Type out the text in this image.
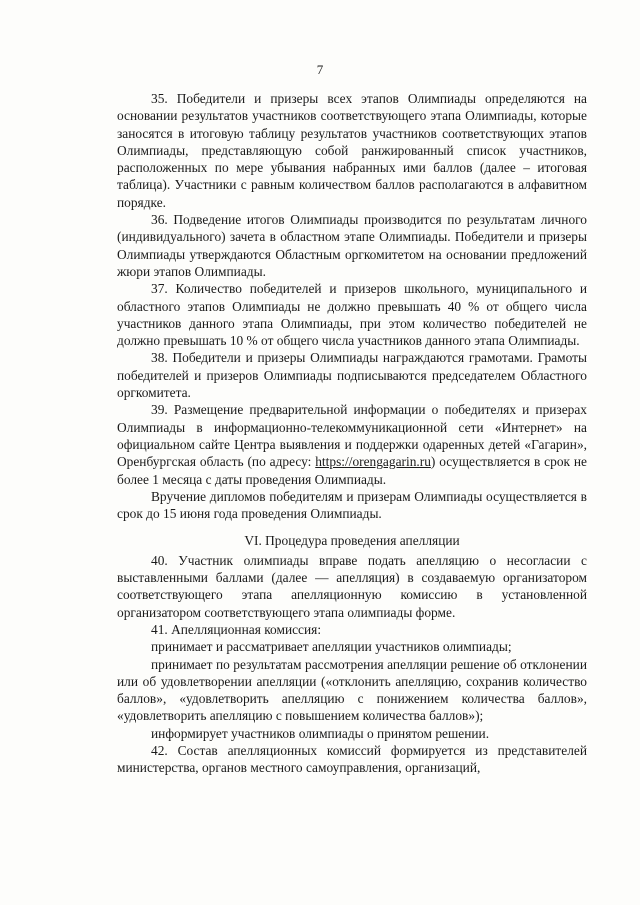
7

35. Победители и призеры всех этапов Олимпиады определяются на основании результатов участников соответствующего этапа Олимпиады, которые заносятся в итоговую таблицу результатов участников соответствующих этапов Олимпиады, представляющую собой ранжированный список участников, расположенных по мере убывания набранных ими баллов (далее – итоговая таблица). Участники с равным количеством баллов располагаются в алфавитном порядке.

36. Подведение итогов Олимпиады производится по результатам личного (индивидуального) зачета в областном этапе Олимпиады. Победители и призеры Олимпиады утверждаются Областным оргкомитетом на основании предложений жюри этапов Олимпиады.

37. Количество победителей и призеров школьного, муниципального и областного этапов Олимпиады не должно превышать 40 % от общего числа участников данного этапа Олимпиады, при этом количество победителей не должно превышать 10 % от общего числа участников данного этапа Олимпиады.

38. Победители и призеры Олимпиады награждаются грамотами. Грамоты победителей и призеров Олимпиады подписываются председателем Областного оргкомитета.

39. Размещение предварительной информации о победителях и призерах Олимпиады в информационно-телекоммуникационной сети «Интернет» на официальном сайте Центра выявления и поддержки одаренных детей «Гагарин», Оренбургская область (по адресу: https://orengagarin.ru) осуществляется в срок не более 1 месяца с даты проведения Олимпиады.

Вручение дипломов победителям и призерам Олимпиады осуществляется в срок до 15 июня года проведения Олимпиады.

VI. Процедура проведения апелляции

40. Участник олимпиады вправе подать апелляцию о несогласии с выставленными баллами (далее — апелляция) в создаваемую организатором соответствующего этапа апелляционную комиссию в установленной организатором соответствующего этапа олимпиады форме.

41. Апелляционная комиссия:

принимает и рассматривает апелляции участников олимпиады;

принимает по результатам рассмотрения апелляции решение об отклонении или об удовлетворении апелляции («отклонить апелляцию, сохранив количество баллов», «удовлетворить апелляцию с понижением количества баллов», «удовлетворить апелляцию с повышением количества баллов»);

информирует участников олимпиады о принятом решении.

42. Состав апелляционных комиссий формируется из представителей министерства, органов местного самоуправления, организаций,
